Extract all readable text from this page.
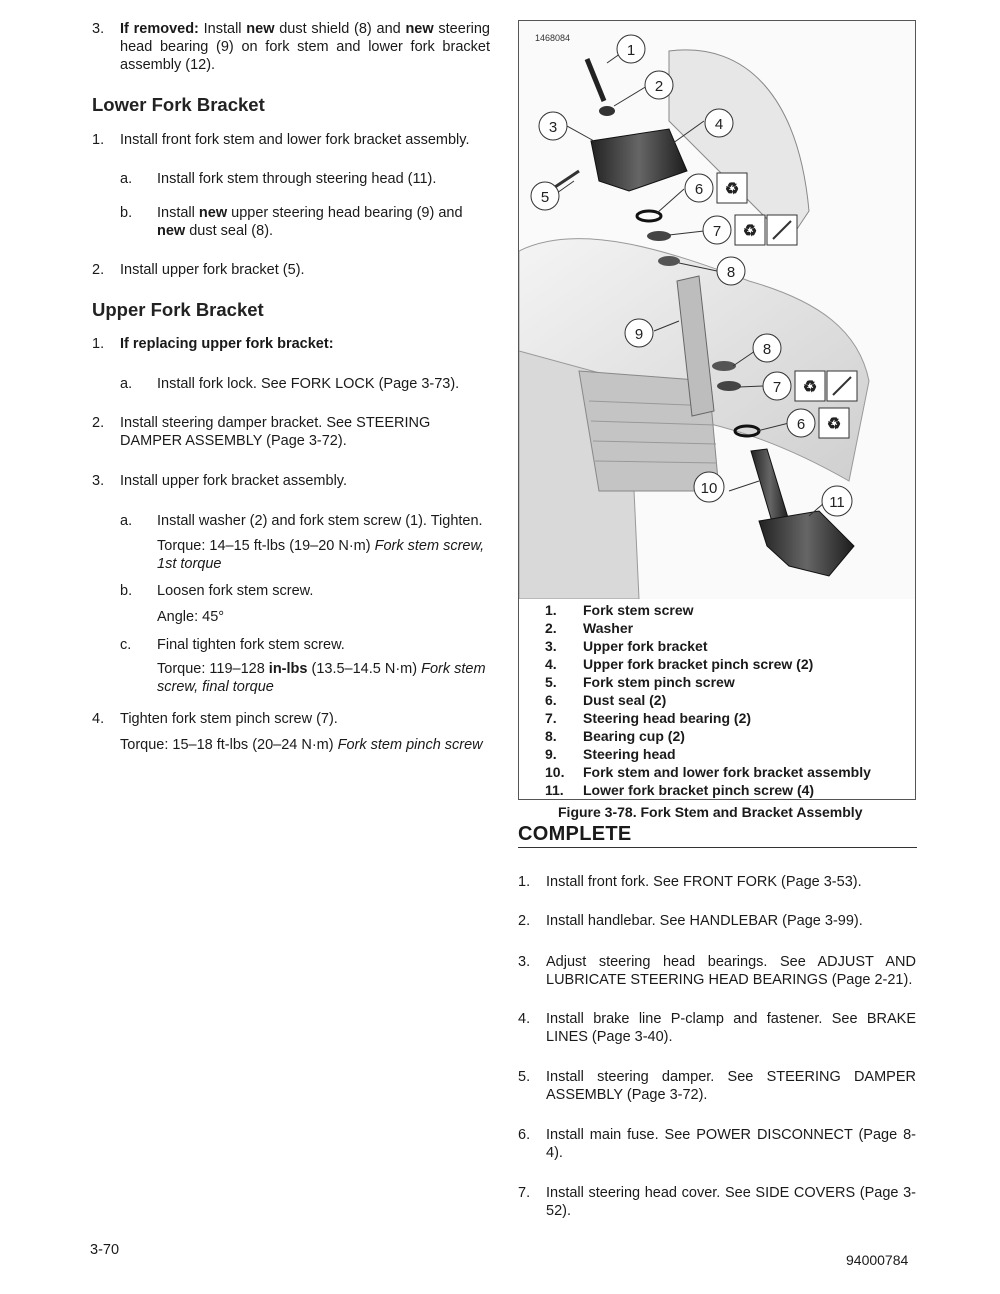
3.	If removed: Install new dust shield (8) and new steering head bearing (9) on fork stem and lower fork bracket assembly (12).
Lower Fork Bracket
1.	Install front fork stem and lower fork bracket assembly.
a.	Install fork stem through steering head (11).
b.	Install new upper steering head bearing (9) and new dust seal (8).
2.	Install upper fork bracket (5).
Upper Fork Bracket
1.	If replacing upper fork bracket:
a.	Install fork lock. See FORK LOCK (Page 3-73).
2.	Install steering damper bracket. See STEERING DAMPER ASSEMBLY (Page 3-72).
3.	Install upper fork bracket assembly.
a.	Install washer (2) and fork stem screw (1). Tighten.
Torque: 14–15 ft-lbs (19–20 N·m) Fork stem screw, 1st torque
b.	Loosen fork stem screw.
Angle: 45°
c.	Final tighten fork stem screw.
Torque: 119–128 in-lbs (13.5–14.5 N·m) Fork stem screw, final torque
4.	Tighten fork stem pinch screw (7).
Torque: 15–18 ft-lbs (20–24 N·m) Fork stem pinch screw
1
2
3	4
5	6 ♻
7 ♻
8
9
8
7 ♻
6 ♻
10
11
1468084
1. Fork stem screw
2. Washer
3. Upper fork bracket
4. Upper fork bracket pinch screw (2)
5. Fork stem pinch screw
6. Dust seal (2)
7. Steering head bearing (2)
8. Bearing cup (2)
9. Steering head
10. Fork stem and lower fork bracket assembly
11. Lower fork bracket pinch screw (4)
Figure 3-78. Fork Stem and Bracket Assembly
COMPLETE
1.	Install front fork. See FRONT FORK (Page 3-53).
2.	Install handlebar. See HANDLEBAR (Page 3-99).
3.	Adjust steering head bearings. See ADJUST AND LUBRICATE STEERING HEAD BEARINGS (Page 2-21).
4.	Install brake line P-clamp and fastener. See BRAKE LINES (Page 3-40).
5.	Install steering damper. See STEERING DAMPER ASSEMBLY (Page 3-72).
6.	Install main fuse. See POWER DISCONNECT (Page 8-4).
7.	Install steering head cover. See SIDE COVERS (Page 3-52).
3-70
94000784
